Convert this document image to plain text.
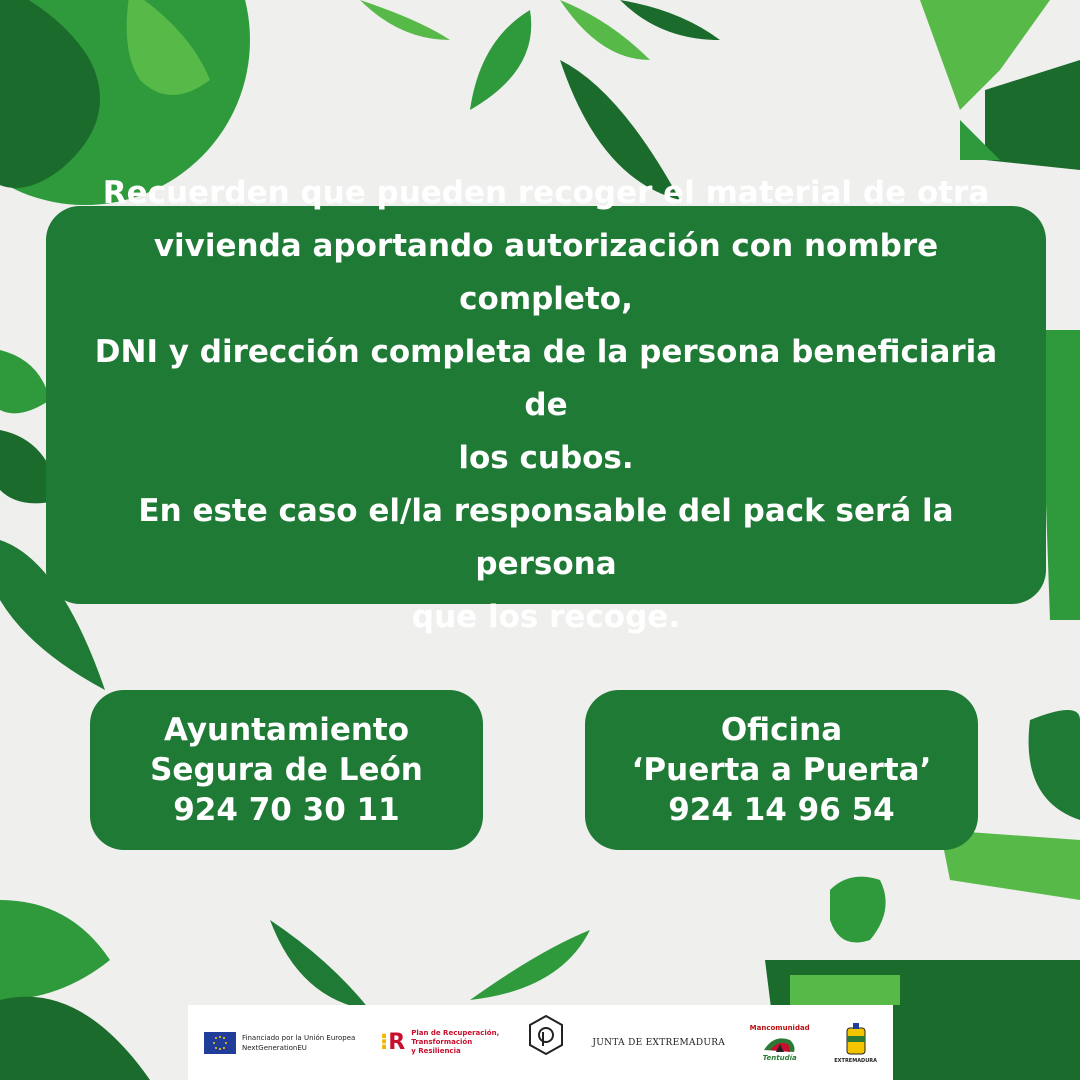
Recuerden que pueden recoger el material de otra

vivienda aportando autorización con nombre completo,

DNI y dirección completa de la persona beneficiaria de

los cubos.

En este caso el/la responsable del pack será la persona

que los recoge.

Ayuntamiento
Segura de León
924 70 30 11
Oficina
‘Puerta a Puerta’
924 14 96 54
Financiado por la Unión Europea
NextGenerationEU	⁝R Plan de Recuperación,
Transformación
y Resiliencia
JUNTA DE EXTREMADURA
Mancomunidad
Tentudía	EXTREMADURA
